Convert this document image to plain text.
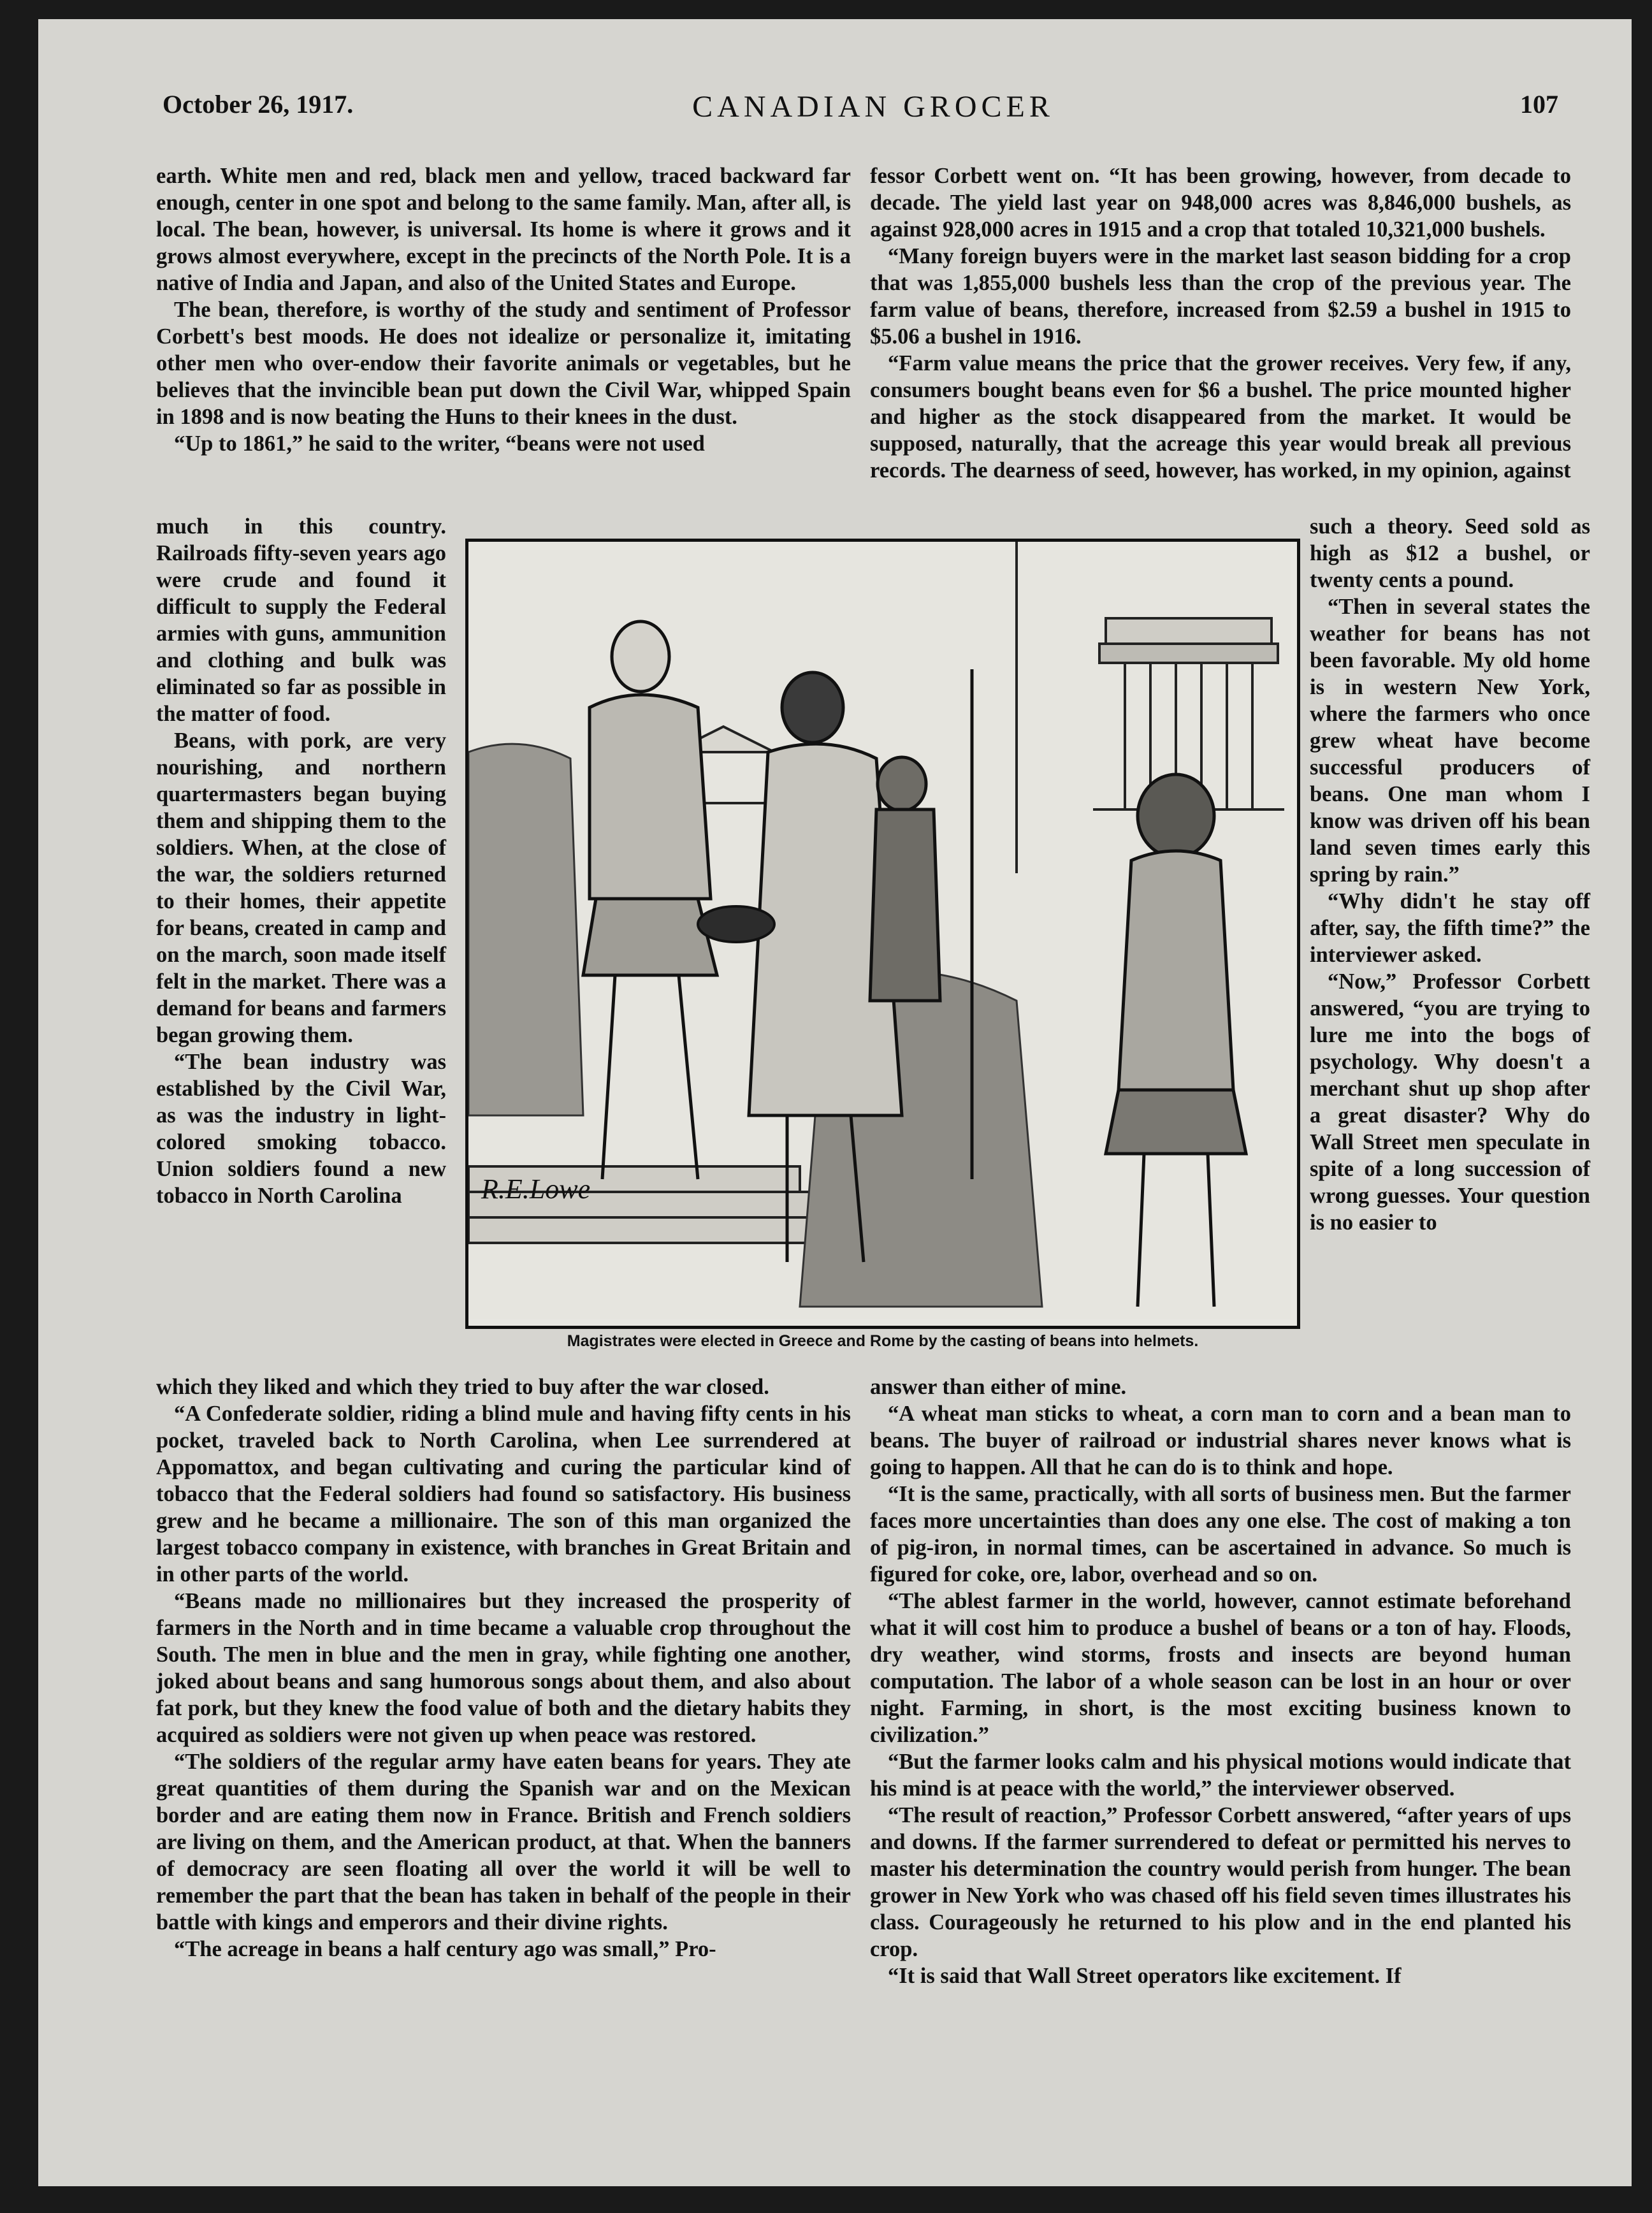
October 26, 1917.	CANADIAN GROCER	107

earth. White men and red, black men and yellow, traced backward far enough, center in one spot and belong to the same family. Man, after all, is local. The bean, however, is universal. Its home is where it grows and it grows almost everywhere, except in the precincts of the North Pole. It is a native of India and Japan, and also of the United States and Europe.

The bean, therefore, is worthy of the study and sentiment of Professor Corbett's best moods. He does not idealize or personalize it, imitating other men who over-endow their favorite animals or vegetables, but he believes that the invincible bean put down the Civil War, whipped Spain in 1898 and is now beating the Huns to their knees in the dust.

“Up to 1861,” he said to the writer, “beans were not used

much in this country. Railroads fifty-seven years ago were crude and found it difficult to supply the Federal armies with guns, ammunition and clothing and bulk was eliminated so far as possible in the matter of food.

Beans, with pork, are very nourishing, and northern quartermasters began buying them and shipping them to the soldiers. When, at the close of the war, the soldiers returned to their homes, their appetite for beans, created in camp and on the march, soon made itself felt in the market. There was a demand for beans and farmers began growing them.

“The bean industry was established by the Civil War, as was the industry in light-colored smoking tobacco. Union soldiers found a new tobacco in North Carolina

which they liked and which they tried to buy after the war closed.

“A Confederate soldier, riding a blind mule and having fifty cents in his pocket, traveled back to North Carolina, when Lee surrendered at Appomattox, and began cultivating and curing the particular kind of tobacco that the Federal soldiers had found so satisfactory. His business grew and he became a millionaire. The son of this man organized the largest tobacco company in existence, with branches in Great Britain and in other parts of the world.

“Beans made no millionaires but they increased the prosperity of farmers in the North and in time became a valuable crop throughout the South. The men in blue and the men in gray, while fighting one another, joked about beans and sang humorous songs about them, and also about fat pork, but they knew the food value of both and the dietary habits they acquired as soldiers were not given up when peace was restored.

“The soldiers of the regular army have eaten beans for years. They ate great quantities of them during the Spanish war and on the Mexican border and are eating them now in France. British and French soldiers are living on them, and the American product, at that. When the banners of democracy are seen floating all over the world it will be well to remember the part that the bean has taken in behalf of the people in their battle with kings and emperors and their divine rights.

“The acreage in beans a half century ago was small,” Pro-

fessor Corbett went on. “It has been growing, however, from decade to decade. The yield last year on 948,000 acres was 8,846,000 bushels, as against 928,000 acres in 1915 and a crop that totaled 10,321,000 bushels.

“Many foreign buyers were in the market last season bidding for a crop that was 1,855,000 bushels less than the crop of the previous year. The farm value of beans, therefore, increased from $2.59 a bushel in 1915 to $5.06 a bushel in 1916.

“Farm value means the price that the grower receives. Very few, if any, consumers bought beans even for $6 a bushel. The price mounted higher and higher as the stock disappeared from the market. It would be supposed, naturally, that the acreage this year would break all previous records. The dearness of seed, however, has worked, in my opinion, against

such a theory. Seed sold as high as $12 a bushel, or twenty cents a pound.

“Then in several states the weather for beans has not been favorable. My old home is in western New York, where the farmers who once grew wheat have become successful producers of beans. One man whom I know was driven off his bean land seven times early this spring by rain.”

“Why didn't he stay off after, say, the fifth time?” the interviewer asked.

“Now,” Professor Corbett answered, “you are trying to lure me into the bogs of psychology. Why doesn't a merchant shut up shop after a great disaster? Why do Wall Street men speculate in spite of a long succession of wrong guesses. Your question is no easier to

answer than either of mine.

“A wheat man sticks to wheat, a corn man to corn and a bean man to beans. The buyer of railroad or industrial shares never knows what is going to happen. All that he can do is to think and hope.

“It is the same, practically, with all sorts of business men. But the farmer faces more uncertainties than does any one else. The cost of making a ton of pig-iron, in normal times, can be ascertained in advance. So much is figured for coke, ore, labor, overhead and so on.

“The ablest farmer in the world, however, cannot estimate beforehand what it will cost him to produce a bushel of beans or a ton of hay. Floods, dry weather, wind storms, frosts and insects are beyond human computation. The labor of a whole season can be lost in an hour or over night. Farming, in short, is the most exciting business known to civilization.”

“But the farmer looks calm and his physical motions would indicate that his mind is at peace with the world,” the interviewer observed.

“The result of reaction,” Professor Corbett answered, “after years of ups and downs. If the farmer surrendered to defeat or permitted his nerves to master his determination the country would perish from hunger. The bean grower in New York who was chased off his field seven times illustrates his class. Courageously he returned to his plow and in the end planted his crop.

“It is said that Wall Street operators like excitement. If

R.E.Lowe
Magistrates were elected in Greece and Rome by the casting of beans into helmets.
